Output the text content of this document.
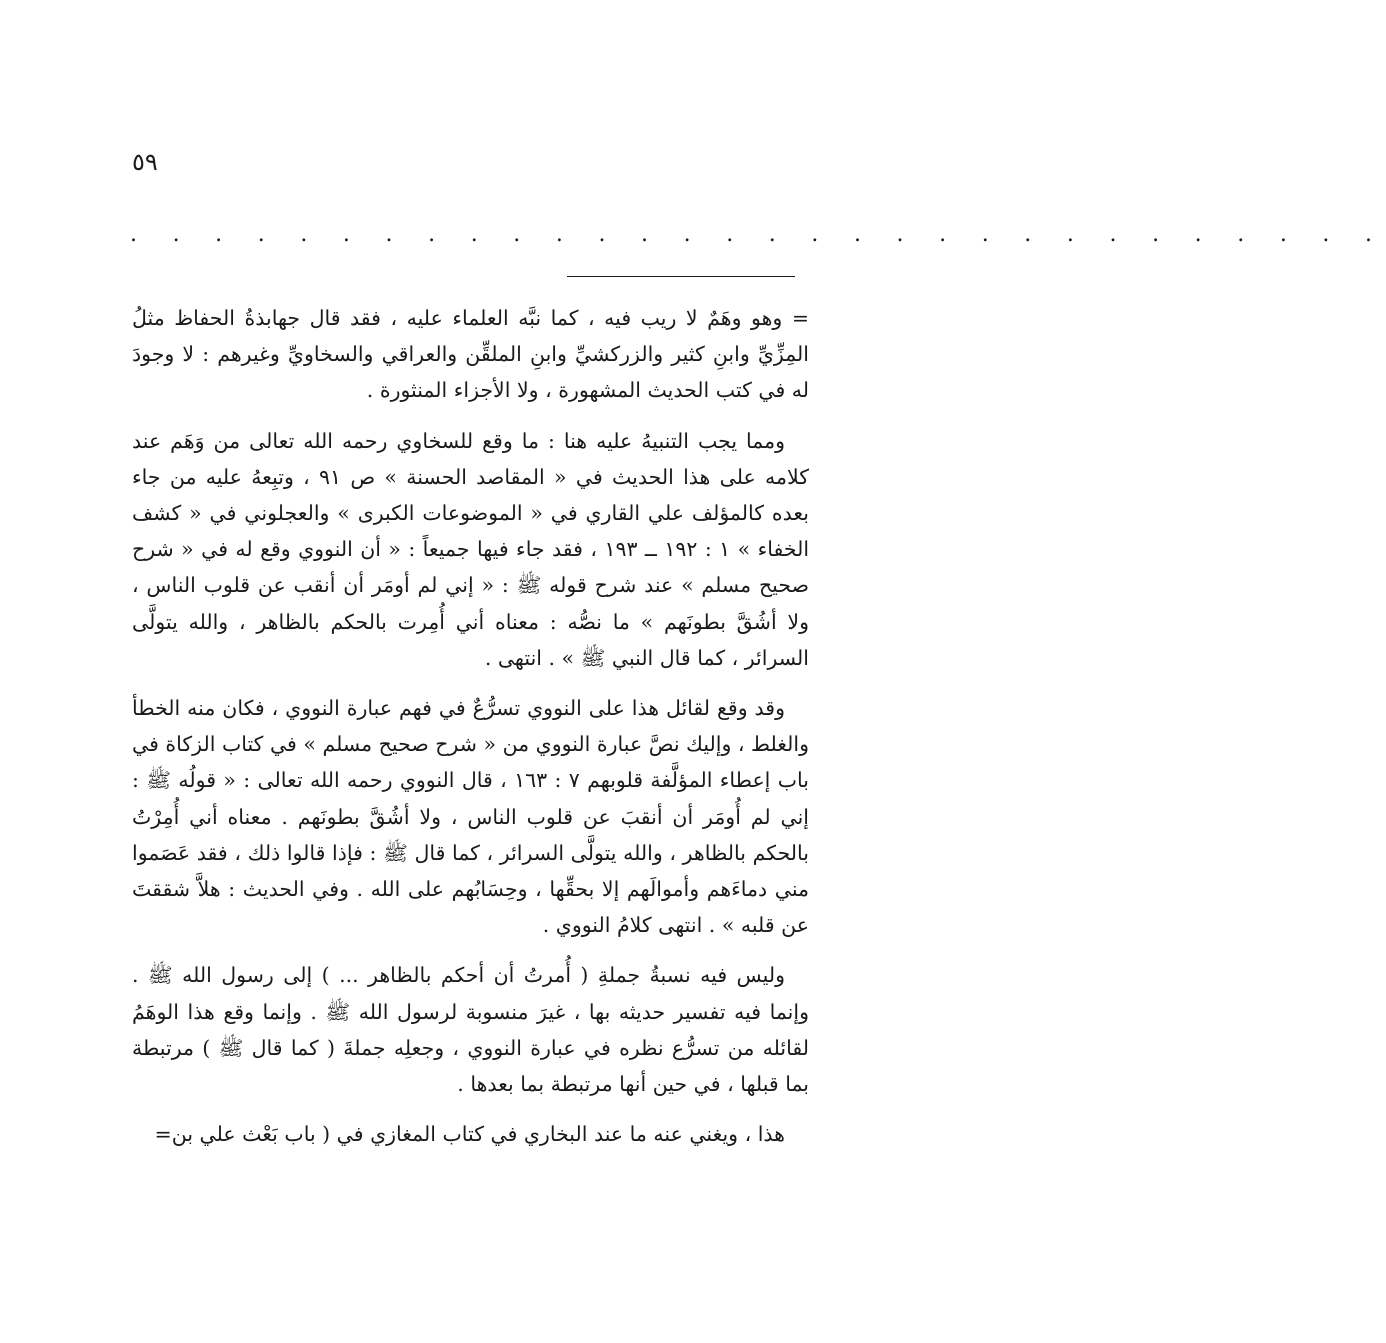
٥٩
. . . . . . . . . . . . . . . . . . . . . . . . . . . . . .

= وهو وهَمٌ لا ريب فيه ، كما نبَّه العلماء عليه ، فقد قال جهابذةُ الحفاظ مثلُ المِزِّيِّ وابنِ كثير والزركشيِّ وابنِ الملقِّن والعراقي والسخاويِّ وغيرهم : لا وجودَ له في كتب الحديث المشهورة ، ولا الأجزاء المنثورة .

ومما يجب التنبيهُ عليه هنا : ما وقع للسخاوي رحمه الله تعالى من وَهَم عند كلامه على هذا الحديث في « المقاصد الحسنة » ص ٩١ ، وتبِعهُ عليه من جاء بعده كالمؤلف علي القاري في « الموضوعات الكبرى » والعجلوني في « كشف الخفاء » ١ : ١٩٢ ــ ١٩٣ ، فقد جاء فيها جميعاً : « أن النووي وقع له في « شرح صحيح مسلم » عند شرح قوله ﷺ : « إني لم أومَر أن أنقب عن قلوب الناس ، ولا أشُقَّ بطونَهم » ما نصُّه : معناه أني أُمِرت بالحكم بالظاهر ، والله يتولَّى السرائر ، كما قال النبي ﷺ » . انتهى .

وقد وقع لقائل هذا على النووي تسرُّعٌ في فهم عبارة النووي ، فكان منه الخطأ والغلط ، وإليك نصَّ عبارة النووي من « شرح صحيح مسلم » في كتاب الزكاة في باب إعطاء المؤلَّفة قلوبهم ٧ : ١٦٣ ، قال النووي رحمه الله تعالى : « قولُه ﷺ : إني لم أُومَر أن أنقبَ عن قلوب الناس ، ولا أشُقَّ بطونَهم . معناه أني أُمِرْتُ بالحكم بالظاهر ، والله يتولَّى السرائر ، كما قال ﷺ : فإذا قالوا ذلك ، فقد عَصَموا مني دماءَهم وأموالَهم إلا بحقِّها ، وحِسَابُهم على الله . وفي الحديث : هلاَّ شققتَ عن قلبه » . انتهى كلامُ النووي .

وليس فيه نسبةُ جملةِ ( أُمرتُ أن أحكم بالظاهر ... ) إلى رسول الله ﷺ . وإنما فيه تفسير حديثه بها ، غيرَ منسوبة لرسول الله ﷺ . وإنما وقع هذا الوهَمُ لقائله من تسرُّع نظره في عبارة النووي ، وجعلِه جملةَ ( كما قال ﷺ ) مرتبطة بما قبلها ، في حين أنها مرتبطة بما بعدها .

هذا ، ويغني عنه ما عند البخاري في كتاب المغازي في ( باب بَعْث علي بن=
